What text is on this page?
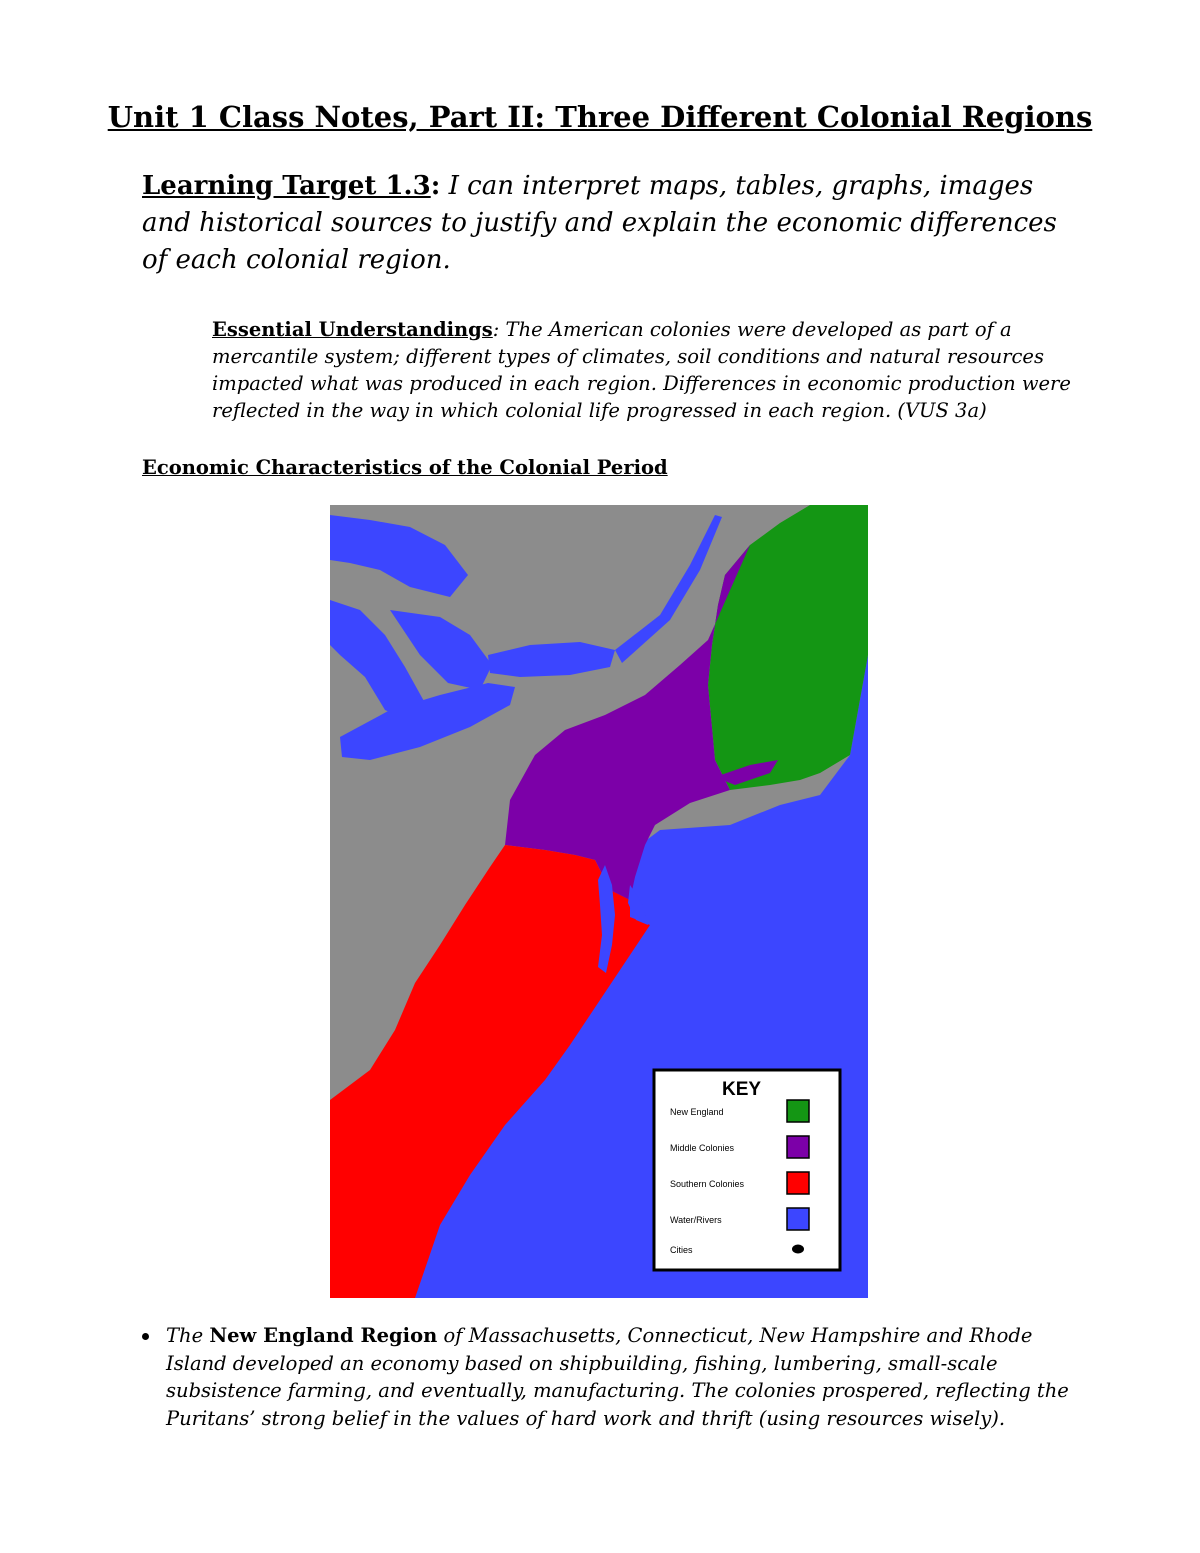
Unit 1 Class Notes, Part II: Three Different Colonial Regions
Learning Target 1.3: I can interpret maps, tables, graphs, images and historical sources to justify and explain the economic differences of each colonial region.
Essential Understandings: The American colonies were developed as part of a mercantile system; different types of climates, soil conditions and natural resources impacted what was produced in each region. Differences in economic production were reflected in the way in which colonial life progressed in each region. (VUS 3a)
Economic Characteristics of the Colonial Period
KEY
New England
Middle Colonies
Southern Colonies
Water/Rivers
Cities
The New England Region of Massachusetts, Connecticut, New Hampshire and Rhode Island developed an economy based on shipbuilding, fishing, lumbering, small-scale subsistence farming, and eventually, manufacturing. The colonies prospered, reflecting the Puritans’ strong belief in the values of hard work and thrift (using resources wisely).
